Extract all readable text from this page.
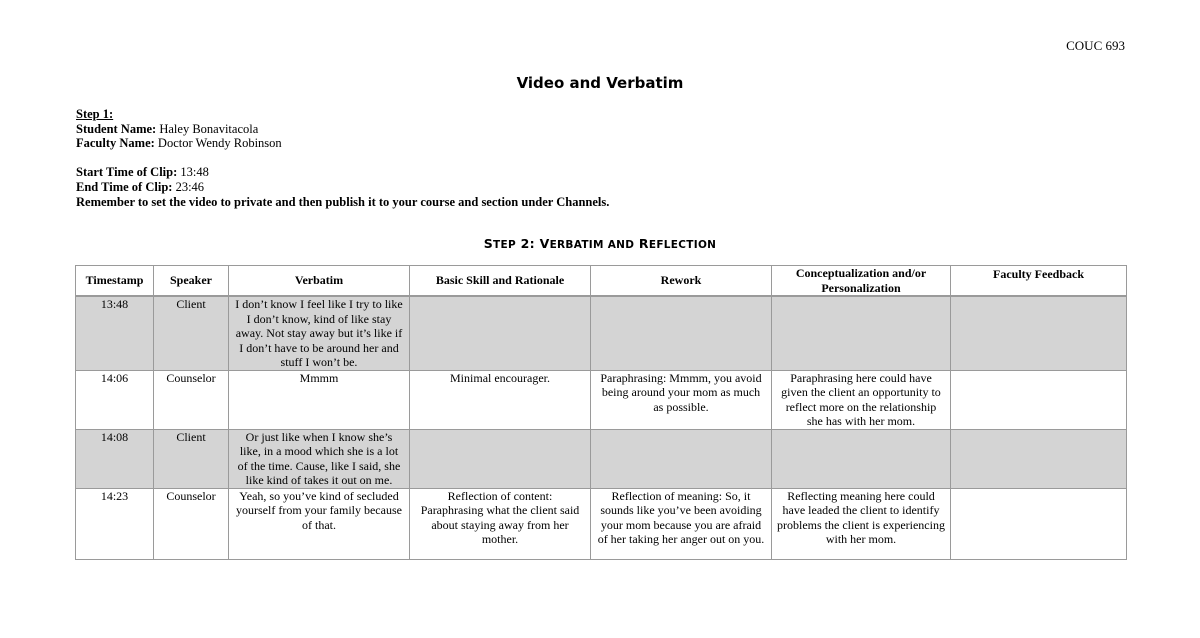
COUC 693
Video and Verbatim
Step 1:
Student Name: Haley Bonavitacola
Faculty Name: Doctor Wendy Robinson
Start Time of Clip: 13:48
End Time of Clip: 23:46
Remember to set the video to private and then publish it to your course and section under Channels.
STEP 2: VERBATIM AND REFLECTION
Timestamp	Speaker	Verbatim	Basic Skill and Rationale	Rework	Conceptualization and/or Personalization	Faculty Feedback
13:48	Client	I don’t know I feel like I try to like I don’t know, kind of like stay away. Not stay away but it’s like if I don’t have to be around her and stuff I won’t be.				
14:06	Counselor	Mmmm	Minimal encourager.	Paraphrasing: Mmmm, you avoid being around your mom as much as possible.	Paraphrasing here could have given the client an opportunity to reflect more on the relationship she has with her mom.	
14:08	Client	Or just like when I know she’s like, in a mood which she is a lot of the time. Cause, like I said, she like kind of takes it out on me.				
14:23	Counselor	Yeah, so you’ve kind of secluded yourself from your family because of that.	Reflection of content: Paraphrasing what the client said about staying away from her mother.	Reflection of meaning: So, it sounds like you’ve been avoiding your mom because you are afraid of her taking her anger out on you.	Reflecting meaning here could have leaded the client to identify problems the client is experiencing with her mom.	
